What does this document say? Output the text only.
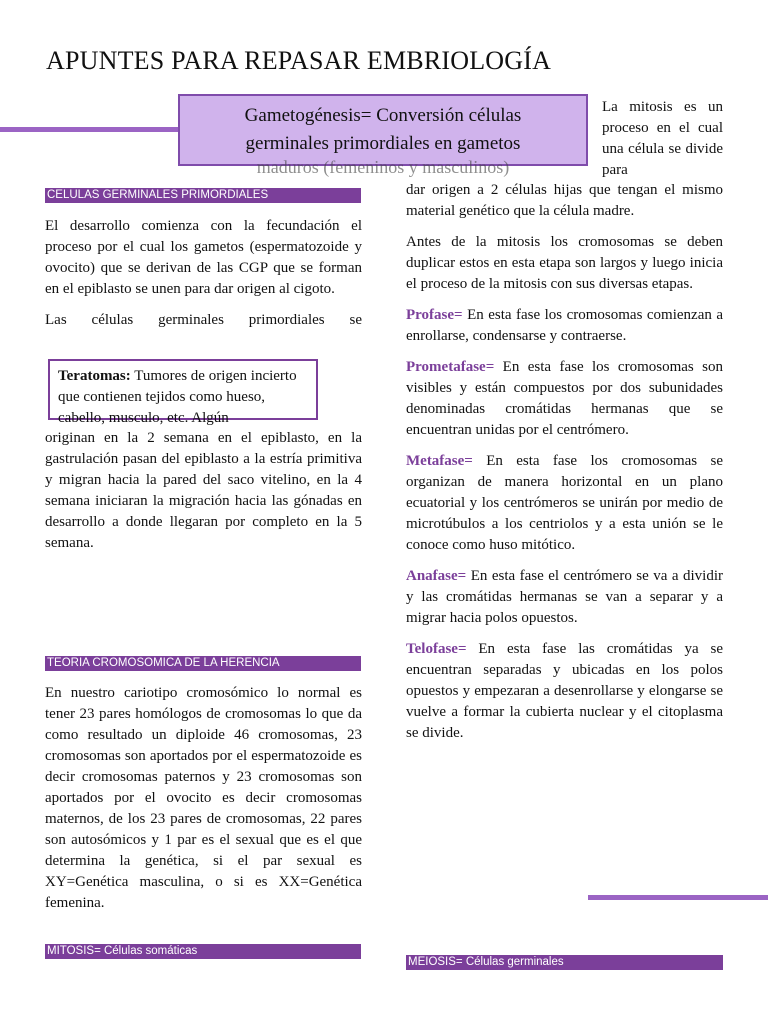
APUNTES PARA REPASAR EMBRIOLOGÍA
Gametogénesis= Conversión células
germinales primordiales en gametos
maduros (femeninos y masculinos)
La mitosis es un proceso en el cual una célula se divide para
CELULAS GERMINALES PRIMORDIALES

El desarrollo comienza con la fecundación el proceso por el cual los gametos (espermatozoide y ovocito) que se derivan de las CGP que se forman en el epiblasto se unen para dar origen al cigoto.

Las células germinales primordiales se

Teratomas: Tumores de origen incierto que contienen tejidos como hueso, cabello, musculo, etc. Algún

originan en la 2 semana en el epiblasto, en la gastrulación pasan del epiblasto a la estría primitiva y migran hacia la pared del saco vitelino, en la 4 semana iniciaran la migración hacia las gónadas en desarrollo a donde llegaran por completo en la 5 semana.

TEORIA CROMOSOMICA DE LA HERENCIA

En nuestro cariotipo cromosómico lo normal es tener 23 pares homólogos de cromosomas lo que da como resultado un diploide 46 cromosomas, 23 cromosomas son aportados por el espermatozoide es decir cromosomas paternos y 23 cromosomas son aportados por el ovocito es decir cromosomas maternos, de los 23 pares de cromosomas, 22 pares son autosómicos y 1 par es el sexual que es el que determina la genética, si el par sexual es XY=Genética masculina, o si es XX=Genética femenina.

MITOSIS= Células somáticas

dar origen a 2 células hijas que tengan el mismo material genético que la célula madre.

Antes de la mitosis los cromosomas se deben duplicar estos en esta etapa son largos y luego inicia el proceso de la mitosis con sus diversas etapas.

Profase= En esta fase los cromosomas comienzan a enrollarse, condensarse y contraerse.

Prometafase= En esta fase los cromosomas son visibles y están compuestos por dos subunidades denominadas cromátidas hermanas que se encuentran unidas por el centrómero.

Metafase= En esta fase los cromosomas se organizan de manera horizontal en un plano ecuatorial y los centrómeros se unirán por medio de microtúbulos a los centriolos y a esta unión se le conoce como huso mitótico.

Anafase= En esta fase el centrómero se va a dividir y las cromátidas hermanas se van a separar y a migrar hacia polos opuestos.

Telofase= En esta fase las cromátidas ya se encuentran separadas y ubicadas en los polos opuestos y empezaran a desenrollarse y elongarse se vuelve a formar la cubierta nuclear y el citoplasma se divide.

MEIOSIS= Células germinales
